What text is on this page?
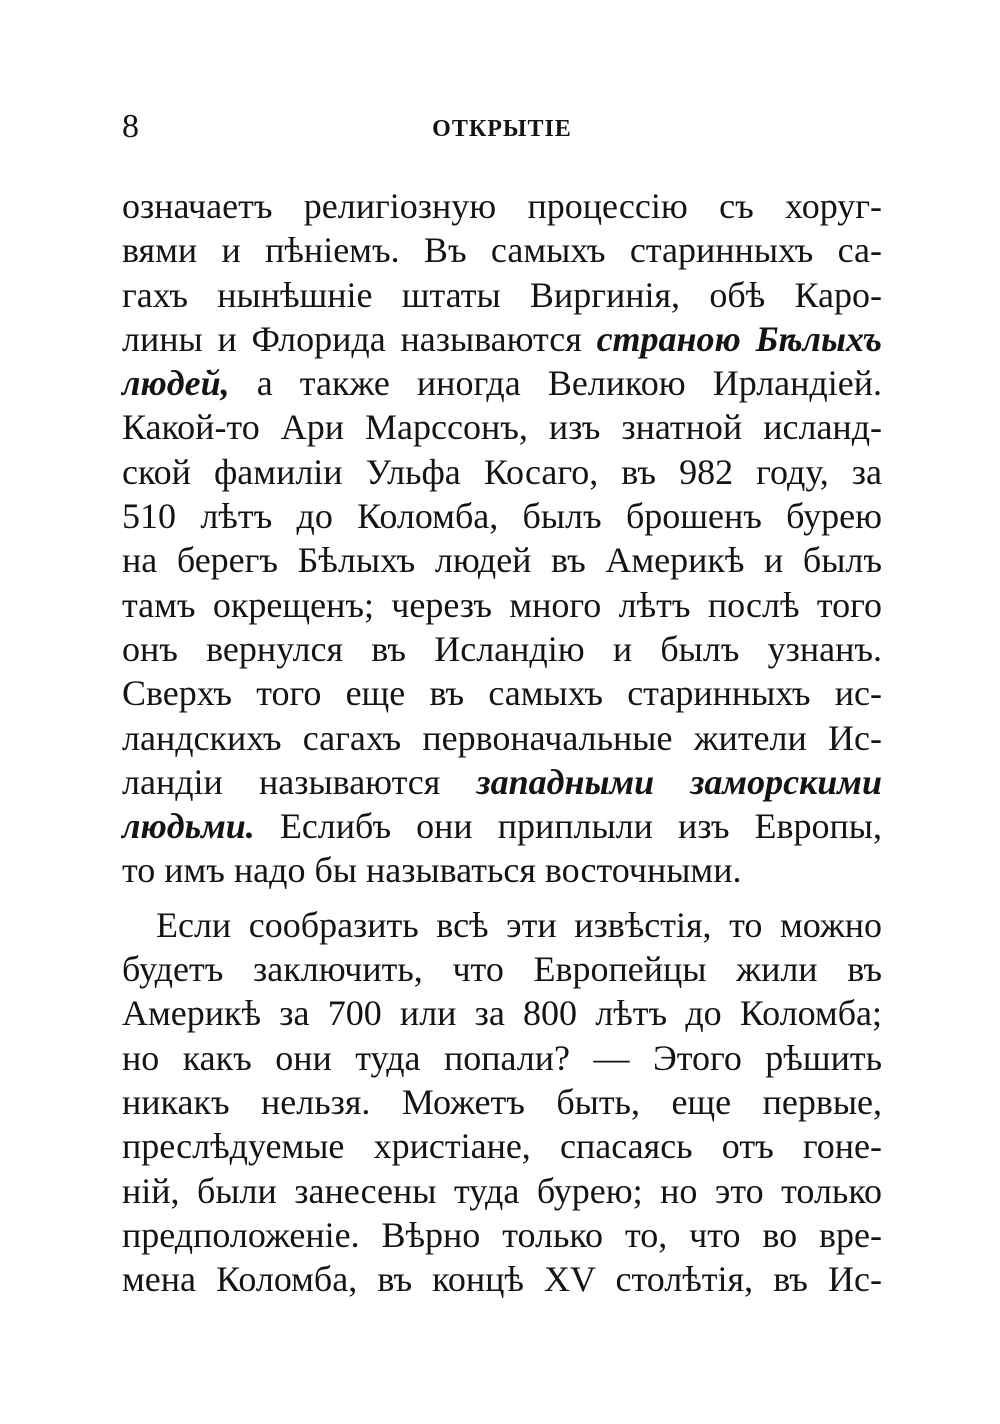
8	ОТКРЫТIЕ
означаетъ религiозную процессiю съ хоруг-
вями и пѣнiемъ. Въ самыхъ старинныхъ са-
гахъ нынѣшнiе штаты Виргинiя, обѣ Каро-
лины и Флорида называются странoю Бѣлыхъ
людей, а также иногда Великою Ирландiей.
Какой-то Ари Марссонъ, изъ знатной исланд-
ской фамилiи Ульфа Косаго, въ 982 году, за
510 лѣтъ до Коломба, былъ брошенъ бурею
на берегъ Бѣлыхъ людей въ Америкѣ и былъ
тамъ окрещенъ; черезъ много лѣтъ послѣ того
онъ вернулся въ Исландiю и былъ узнанъ.
Сверхъ того еще въ самыхъ старинныхъ ис-
ландскихъ сагахъ первоначальные жители Ис-
ландiи называются западными заморскими
людьми. Еслибъ они приплыли изъ Европы,
то имъ надо бы называться восточными.
Если сообразить всѣ эти извѣстiя, то можно
будетъ заключить, что Европейцы жили въ
Америкѣ за 700 или за 800 лѣтъ до Коломба;
но какъ они туда попали? — Этого рѣшить
никакъ нельзя. Можетъ быть, еще первые,
преслѣдуемые христiане, спасаясь отъ гоне-
нiй, были занесены туда бурею; но это только
предположенiе. Вѣрно только то, что во вре-
мена Коломба, въ концѣ XV столѣтiя, въ Ис-
